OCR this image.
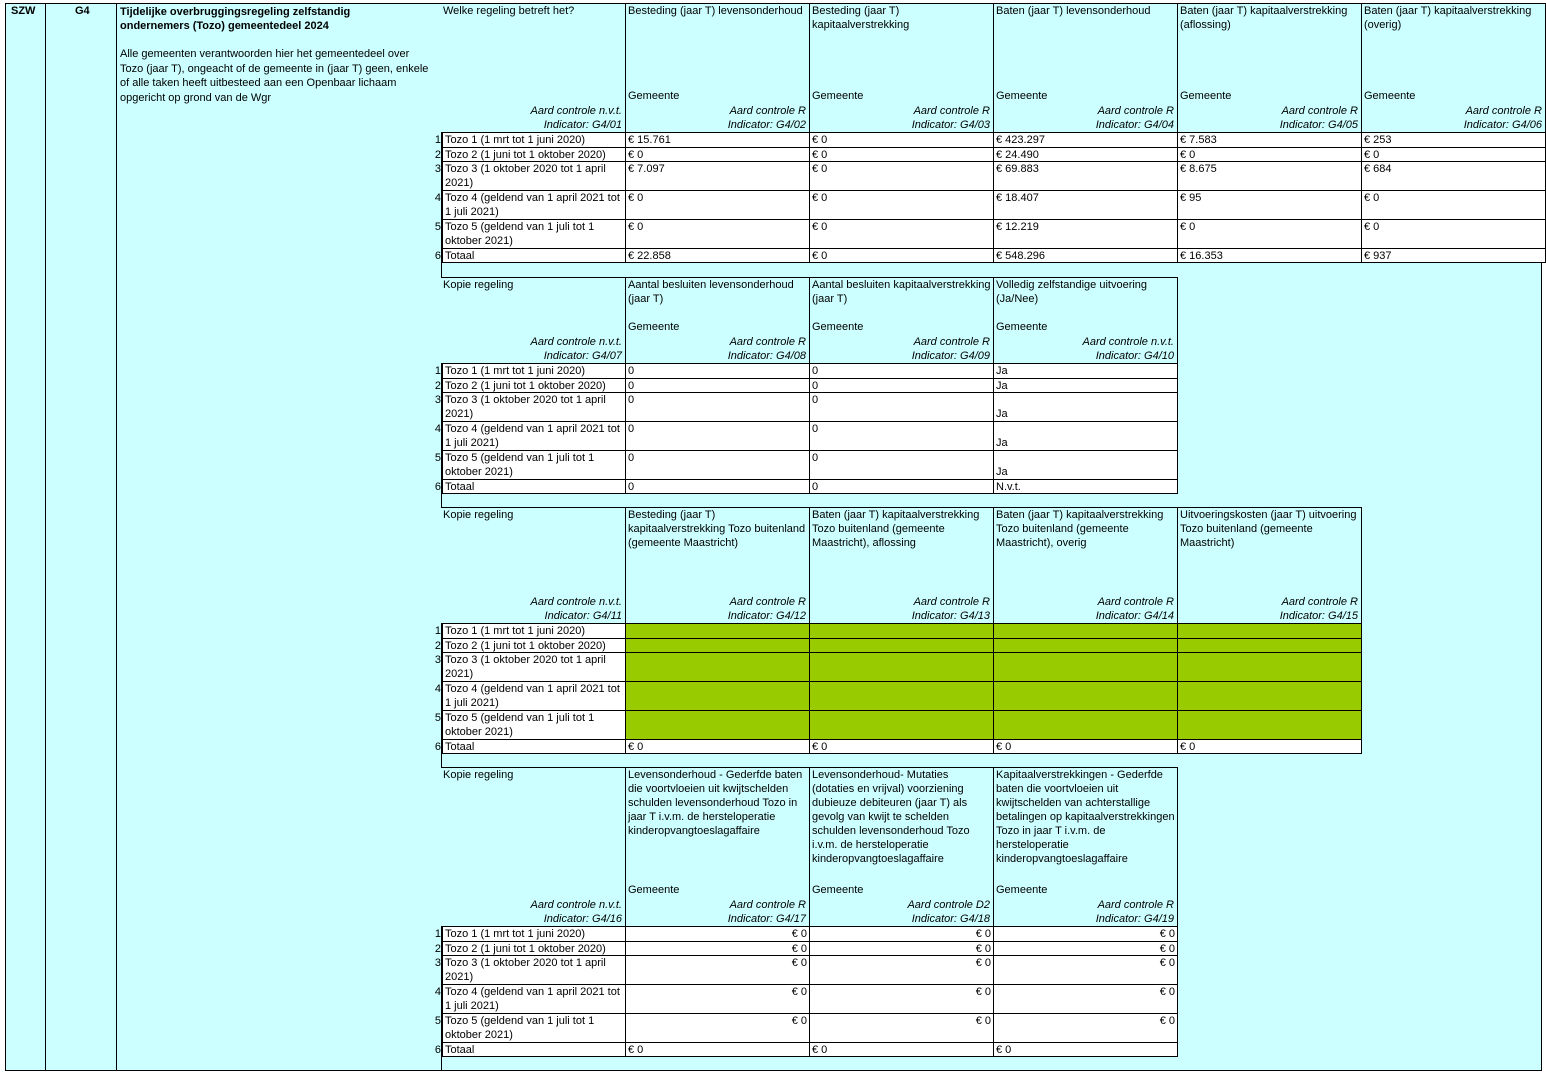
SZW	G4	Tijdelijke overbruggingsregeling zelfstandig ondernemers (Tozo) gemeentedeel 2024
Alle gemeenten verantwoorden hier het gemeentedeel over Tozo (jaar T), ongeacht of de gemeente in (jaar T) geen, enkele of alle taken heeft uitbesteed aan een Openbaar lichaam opgericht op grond van de Wgr
Welke regeling betreft het?
Aard controle n.v.t.
Indicator: G4/01
Besteding (jaar T) levensonderhoud
Gemeente
Aard controle R
Indicator: G4/02
Besteding (jaar T) kapitaalverstrekking
Gemeente
Aard controle R
Indicator: G4/03
Baten (jaar T) levensonderhoud
Gemeente
Aard controle R
Indicator: G4/04
Baten (jaar T) kapitaalverstrekking (aflossing)
Gemeente
Aard controle R
Indicator: G4/05
Baten (jaar T) kapitaalverstrekking (overig)
Gemeente
Aard controle R
Indicator: G4/06
1 Tozo 1 (1 mrt tot 1 juni 2020)	€ 15.761	€ 0	€ 423.297	€ 7.583	€ 253
2 Tozo 2 (1 juni tot 1 oktober 2020)	€ 0	€ 0	€ 24.490	€ 0	€ 0
3 Tozo 3 (1 oktober 2020 tot 1 april 2021)
€ 7.097	€ 0	€ 69.883	€ 8.675	€ 684
4 Tozo 4 (geldend van 1 april 2021 tot 1 juli 2021)
€ 0	€ 0	€ 18.407	€ 95	€ 0
5 Tozo 5 (geldend van 1 juli tot 1 oktober 2021)
€ 0	€ 0	€ 12.219	€ 0	€ 0
6 Totaal	€ 22.858	€ 0	€ 548.296	€ 16.353	€ 937
Kopie regeling
Aard controle n.v.t.
Indicator: G4/07
Aantal besluiten levensonderhoud (jaar T)
Gemeente
Aard controle R
Indicator: G4/08
Aantal besluiten kapitaalverstrekking (jaar T)
Gemeente
Aard controle R
Indicator: G4/09
Volledig zelfstandige uitvoering (Ja/Nee)
Gemeente
Aard controle n.v.t.
Indicator: G4/10
1 Tozo 1 (1 mrt tot 1 juni 2020)	0	0	Ja
2 Tozo 2 (1 juni tot 1 oktober 2020)	0	0	Ja
3 Tozo 3 (1 oktober 2020 tot 1 april 2021)
0	0
Ja
4 Tozo 4 (geldend van 1 april 2021 tot 1 juli 2021)
0	0
Ja
5 Tozo 5 (geldend van 1 juli tot 1 oktober 2021)
0	0
Ja
6 Totaal	0	0	N.v.t.
Kopie regeling
Aard controle n.v.t.
Indicator: G4/11
Besteding (jaar T) kapitaalverstrekking Tozo buitenland (gemeente Maastricht)
Aard controle R
Indicator: G4/12
Baten (jaar T) kapitaalverstrekking Tozo buitenland (gemeente Maastricht), aflossing
Aard controle R
Indicator: G4/13
Baten (jaar T) kapitaalverstrekking Tozo buitenland (gemeente Maastricht), overig
Aard controle R
Indicator: G4/14
Uitvoeringskosten (jaar T) uitvoering Tozo buitenland (gemeente Maastricht)
Aard controle R
Indicator: G4/15
1 Tozo 1 (1 mrt tot 1 juni 2020)
2 Tozo 2 (1 juni tot 1 oktober 2020)
3 Tozo 3 (1 oktober 2020 tot 1 april 2021)
4 Tozo 4 (geldend van 1 april 2021 tot 1 juli 2021)
5 Tozo 5 (geldend van 1 juli tot 1 oktober 2021)
6 Totaal	€ 0	€ 0	€ 0	€ 0
Kopie regeling
Aard controle n.v.t.
Indicator: G4/16
Levensonderhoud - Gederfde baten die voortvloeien uit kwijtschelden schulden levensonderhoud Tozo in jaar T i.v.m. de hersteloperatie kinderopvangtoeslagaffaire
Gemeente
Aard controle R
Indicator: G4/17
Levensonderhoud- Mutaties (dotaties en vrijval) voorziening dubieuze debiteuren (jaar T) als gevolg van kwijt te schelden schulden levensonderhoud Tozo i.v.m. de hersteloperatie kinderopvangtoeslagaffaire
Gemeente
Aard controle D2
Indicator: G4/18
Kapitaalverstrekkingen - Gederfde baten die voortvloeien uit kwijtschelden van achterstallige betalingen op kapitaalverstrekkingen Tozo in jaar T i.v.m. de hersteloperatie kinderopvangtoeslagaffaire
Gemeente
Aard controle R
Indicator: G4/19
1 Tozo 1 (1 mrt tot 1 juni 2020)	€ 0	€ 0	€ 0
2 Tozo 2 (1 juni tot 1 oktober 2020)	€ 0	€ 0	€ 0
3 Tozo 3 (1 oktober 2020 tot 1 april 2021)
€ 0	€ 0	€ 0
4 Tozo 4 (geldend van 1 april 2021 tot 1 juli 2021)
€ 0	€ 0	€ 0
5 Tozo 5 (geldend van 1 juli tot 1 oktober 2021)
€ 0	€ 0	€ 0
6 Totaal	€ 0	€ 0	€ 0
